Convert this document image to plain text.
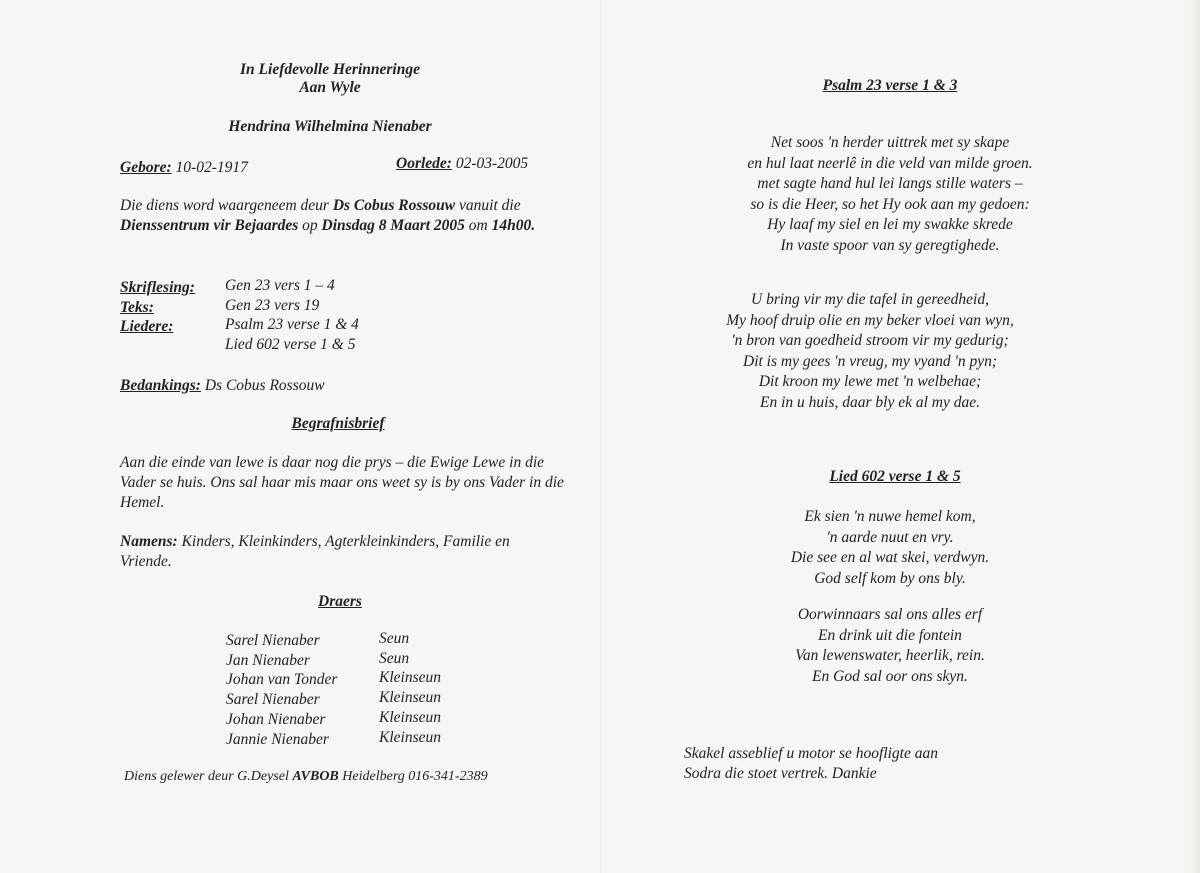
In Liefdevolle Herinneringe
Aan Wyle
Hendrina Wilhelmina Nienaber
Gebore: 10-02-1917	Oorlede: 02-03-2005
Die diens word waargeneem deur Ds Cobus Rossouw vanuit die Dienssentrum vir Bejaardes op Dinsdag 8 Maart 2005 om 14h00.
Skriflesing: Gen 23 vers 1 – 4
Teks:	Gen 23 vers 19
Liedere:	Psalm 23 verse 1 & 4
Lied 602 verse 1 & 5
Bedankings: Ds Cobus Rossouw
Begrafnisbrief
Aan die einde van lewe is daar nog die prys – die Ewige Lewe in die Vader se huis. Ons sal haar mis maar ons weet sy is by ons Vader in die Hemel.
Namens: Kinders, Kleinkinders, Agterkleinkinders, Familie en Vriende.
Draers
Sarel Nienaber	Seun
Jan Nienaber	Seun
Johan van Tonder	Kleinseun
Sarel Nienaber	Kleinseun
Johan Nienaber	Kleinseun
Jannie Nienaber	Kleinseun
Diens gelewer deur G.Deysel AVBOB Heidelberg 016-341-2389
Psalm 23 verse 1 & 3
Net soos 'n herder uittrek met sy skape
en hul laat neerlê in die veld van milde groen.
met sagte hand hul lei langs stille waters –
so is die Heer, so het Hy ook aan my gedoen:
Hy laaf my siel en lei my swakke skrede
In vaste spoor van sy geregtighede.
U bring vir my die tafel in gereedheid,
My hoof druip olie en my beker vloei van wyn,
'n bron van goedheid stroom vir my gedurig;
Dit is my gees 'n vreug, my vyand 'n pyn;
Dit kroon my lewe met 'n welbehae;
En in u huis, daar bly ek al my dae.
Lied 602 verse 1 & 5
Ek sien 'n nuwe hemel kom,
'n aarde nuut en vry.
Die see en al wat skei, verdwyn.
God self kom by ons bly.
Oorwinnaars sal ons alles erf
En drink uit die fontein
Van lewenswater, heerlik, rein.
En God sal oor ons skyn.
Skakel asseblief u motor se hoofligte aan
Sodra die stoet vertrek. Dankie
